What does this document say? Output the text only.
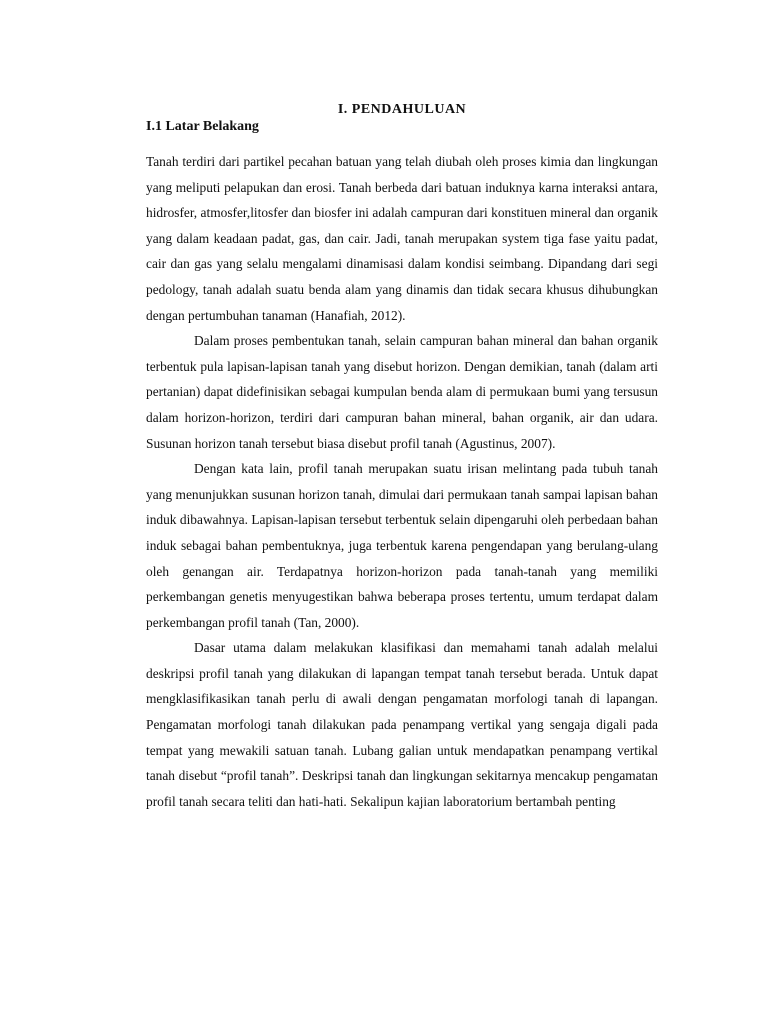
I. PENDAHULUAN
I.1 Latar Belakang

Tanah terdiri dari partikel pecahan batuan yang telah diubah oleh proses kimia dan lingkungan yang meliputi pelapukan dan erosi. Tanah berbeda dari batuan induknya karna interaksi antara, hidrosfer, atmosfer,litosfer dan biosfer ini adalah campuran dari konstituen mineral dan organik yang dalam keadaan padat, gas, dan cair. Jadi, tanah merupakan system tiga fase yaitu padat, cair dan gas yang selalu mengalami dinamisasi dalam kondisi seimbang. Dipandang dari segi pedology, tanah adalah suatu benda alam yang dinamis dan tidak secara khusus dihubungkan dengan pertumbuhan tanaman (Hanafiah, 2012).

Dalam proses pembentukan tanah, selain campuran bahan mineral dan bahan organik terbentuk pula lapisan-lapisan tanah yang disebut horizon. Dengan demikian, tanah (dalam arti pertanian) dapat didefinisikan sebagai kumpulan benda alam di permukaan bumi yang tersusun dalam horizon-horizon, terdiri dari campuran bahan mineral, bahan organik, air dan udara. Susunan horizon tanah tersebut biasa disebut profil tanah (Agustinus, 2007).

Dengan kata lain, profil tanah merupakan suatu irisan melintang pada tubuh tanah yang menunjukkan susunan horizon tanah, dimulai dari permukaan tanah sampai lapisan bahan induk dibawahnya. Lapisan-lapisan tersebut terbentuk selain dipengaruhi oleh perbedaan bahan induk sebagai bahan pembentuknya, juga terbentuk karena pengendapan yang berulang-ulang oleh genangan air. Terdapatnya horizon-horizon pada tanah-tanah yang memiliki perkembangan genetis menyugestikan bahwa beberapa proses tertentu, umum terdapat dalam perkembangan profil tanah (Tan, 2000).

Dasar utama dalam melakukan klasifikasi dan memahami tanah adalah melalui deskripsi profil tanah yang dilakukan di lapangan tempat tanah tersebut berada. Untuk dapat mengklasifikasikan tanah perlu di awali dengan pengamatan morfologi tanah di lapangan. Pengamatan morfologi tanah dilakukan pada penampang vertikal yang sengaja digali pada tempat yang mewakili satuan tanah. Lubang galian untuk mendapatkan penampang vertikal tanah disebut “profil tanah”. Deskripsi tanah dan lingkungan sekitarnya mencakup pengamatan profil tanah secara teliti dan hati-hati. Sekalipun kajian laboratorium bertambah penting
